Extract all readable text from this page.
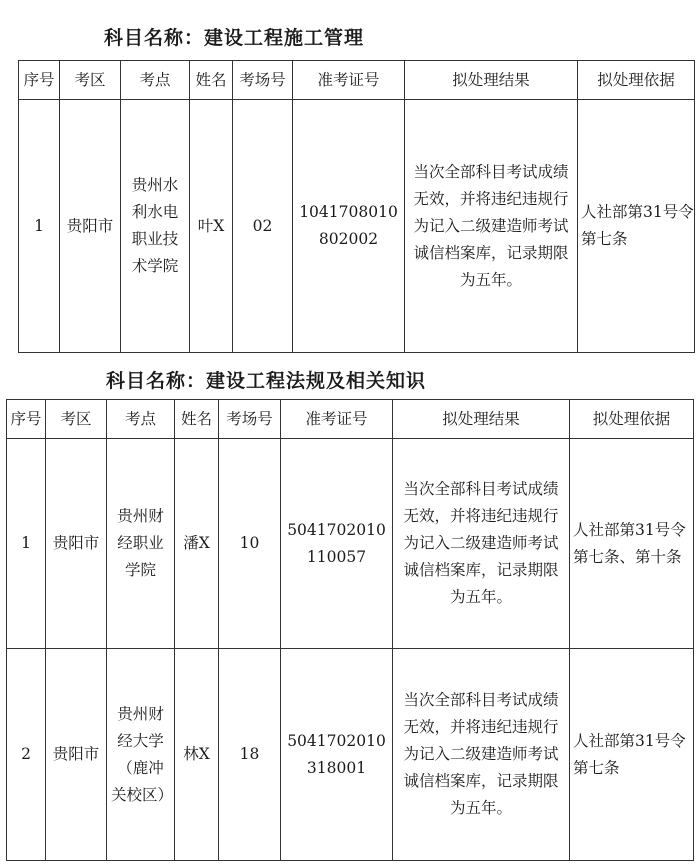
科目名称：建设工程施工管理
序号	考区	考点	姓名	考场号	准考证号	拟处理结果	拟处理依据
1	贵阳市	贵州水利水电职业技术学院	叶X	02	1041708010802002	当次全部科目考试成绩无效，并将违纪违规行为记入二级建造师考试诚信档案库，记录期限为五年。	人社部第31号令第七条
科目名称：建设工程法规及相关知识
序号	考区	考点	姓名	考场号	准考证号	拟处理结果	拟处理依据
1	贵阳市	贵州财经职业学院	潘X	10	5041702010110057	当次全部科目考试成绩无效，并将违纪违规行为记入二级建造师考试诚信档案库，记录期限为五年。	人社部第31号令第七条、第十条
2	贵阳市	贵州财经大学（鹿冲关校区）	林X	18	5041702010318001	当次全部科目考试成绩无效，并将违纪违规行为记入二级建造师考试诚信档案库，记录期限为五年。	人社部第31号令第七条
